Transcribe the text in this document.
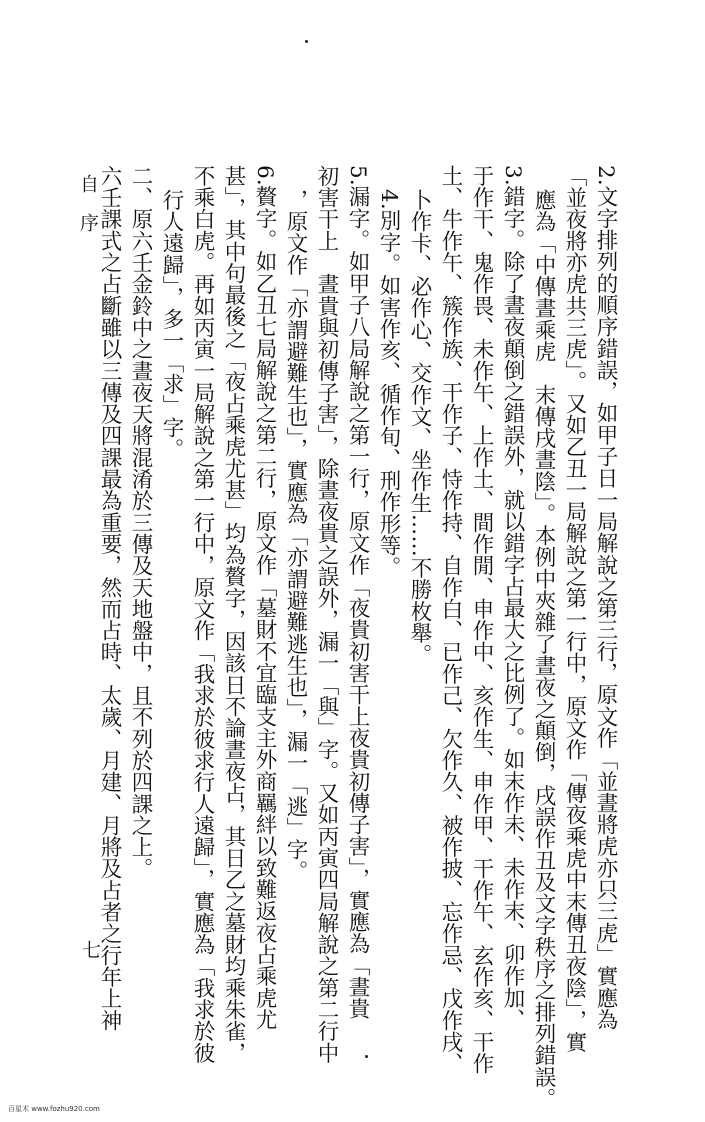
自序
七	2.文字排列的順序錯誤，如甲子日一局解說之第三行，原文作「並晝將虎亦只三虎」實應為
「並夜將亦虎共三虎」。又如乙丑一局解說之第一行中，原文作「傳夜乘虎中末傳丑夜陰」，實
應為「中傳晝乘虎　末傳戌晝陰」。本例中夾雜了晝夜之顛倒，戌誤作丑及文字秩序之排列錯誤。
3.錯字。除了晝夜顛倒之錯誤外，就以錯字占最大之比例了。如末作未、未作末、卯作加、
于作干、鬼作畏、未作午、上作土、間作閒、申作中、亥作生、申作甲、干作午、玄作亥、干作
土、牛作午、簇作族、干作子、恃作持、自作白、已作己、欠作久、被作披、忘作忌、戊作戌、
卜作卡、必作心、交作文、坐作生……不勝枚舉。
4.別字。如害作亥、循作旬、刑作形等。
5.漏字。如甲子八局解說之第一行，原文作「夜貴初害干上夜貴初傳子害」，實應為「晝貴
初害干上　晝貴與初傳子害」，除晝夜貴之誤外，漏一「與」字。又如丙寅四局解說之第二行中
，原文作「亦謂避難生也」，實應為「亦謂避難逃生也」，漏一「逃」字。
6.贅字。如乙丑七局解說之第二行，原文作「墓財不宜臨支主外商羈絆以致難返夜占乘虎尤
甚」，其中句最後之「夜占乘虎尤甚」均為贅字，因該日不論晝夜占，其日乙之墓財均乘朱雀，
不乘白虎。再如丙寅一局解說之第一行中，原文作「我求於彼求行人遠歸」，實應為「我求於彼
行人遠歸」，多一「求」字。
二、原六壬金鈴中之晝夜天將混淆於三傳及天地盤中，且不列於四課之上。
六壬課式之占斷雖以三傳及四課最為重要，然而占時、太歲、月建、月將及占者之行年上神
百星术 www.fozhu920.com
